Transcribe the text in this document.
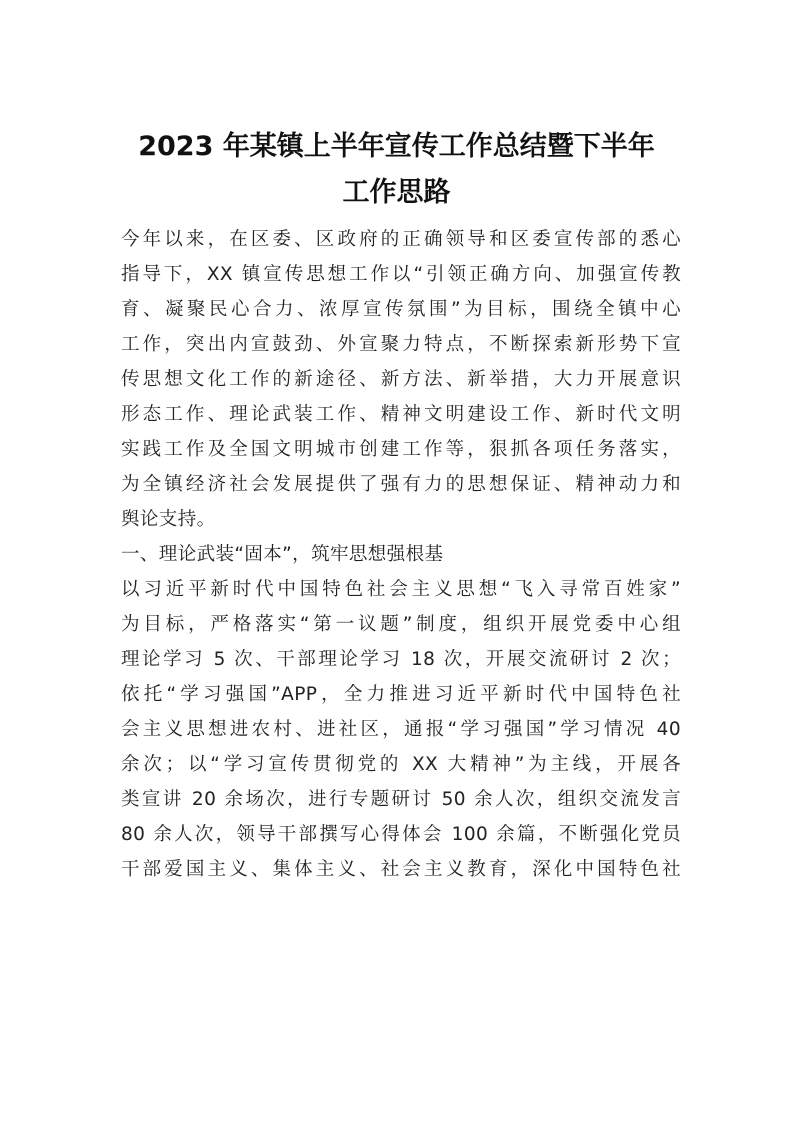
2023 年某镇上半年宣传工作总结暨下半年
工作思路
今年以来，在区委、区政府的正确领导和区委宣传部的悉心
指导下，XX 镇宣传思想工作以“引领正确方向、加强宣传教
育、凝聚民心合力、浓厚宣传氛围”为目标，围绕全镇中心
工作，突出内宣鼓劲、外宣聚力特点，不断探索新形势下宣
传思想文化工作的新途径、新方法、新举措，大力开展意识
形态工作、理论武装工作、精神文明建设工作、新时代文明
实践工作及全国文明城市创建工作等，狠抓各项任务落实，
为全镇经济社会发展提供了强有力的思想保证、精神动力和
舆论支持。
一、理论武装“固本”，筑牢思想强根基
以习近平新时代中国特色社会主义思想“飞入寻常百姓家”
为目标，严格落实“第一议题”制度，组织开展党委中心组
理论学习 5 次、干部理论学习 18 次，开展交流研讨 2 次；
依托“学习强国”APP，全力推进习近平新时代中国特色社
会主义思想进农村、进社区，通报“学习强国”学习情况 40
余次；以“学习宣传贯彻党的 XX 大精神”为主线，开展各
类宣讲 20 余场次，进行专题研讨 50 余人次，组织交流发言
80 余人次，领导干部撰写心得体会 100 余篇，不断强化党员
干部爱国主义、集体主义、社会主义教育，深化中国特色社
